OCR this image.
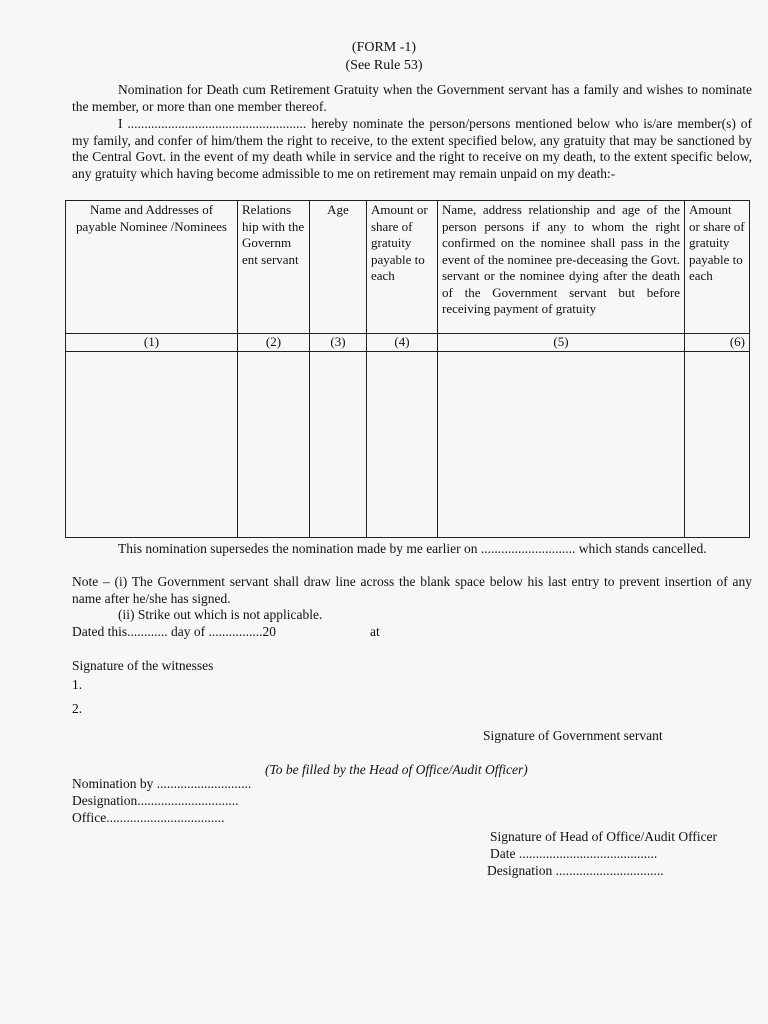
(FORM -1)
(See Rule 53)
Nomination for Death cum Retirement Gratuity when the Government servant has a family and wishes to nominate the member, or more than one member thereof.
I ..................................................... hereby nominate the person/persons mentioned below who is/are member(s) of my family, and confer of him/them the right to receive, to the extent specified below, any gratuity that may be sanctioned by the Central Govt. in the event of my death while in service and the right to receive on my death, to the extent specific below, any gratuity which having become admissible to me on retirement may remain unpaid on my death:-
Name and Addresses of payable Nominee /Nominees	Relations hip with the Governm ent servant	Age	Amount or share of gratuity payable to each	Name, address relationship and age of the person persons if any to whom the right confirmed on the nominee shall pass in the event of the nominee pre-deceasing the Govt. servant or the nominee dying after the death of the Government servant but before receiving payment of gratuity	Amount or share of gratuity payable to each
(1)	(2)	(3)	(4)	(5)	(6)

This nomination supersedes the nomination made by me earlier on ............................ which stands cancelled.
Note – (i) The Government servant shall draw line across the blank space below his last entry to prevent insertion of any name after he/she has signed.
(ii) Strike out which is not applicable.
Dated this............ day of ................20	at
Signature of the witnesses
1.
2.
Signature of Government servant
(To be filled by the Head of Office/Audit Officer)
Nomination by ............................
Designation..............................
Office...................................
Signature of Head of Office/Audit Officer
Date .........................................
Designation ................................
